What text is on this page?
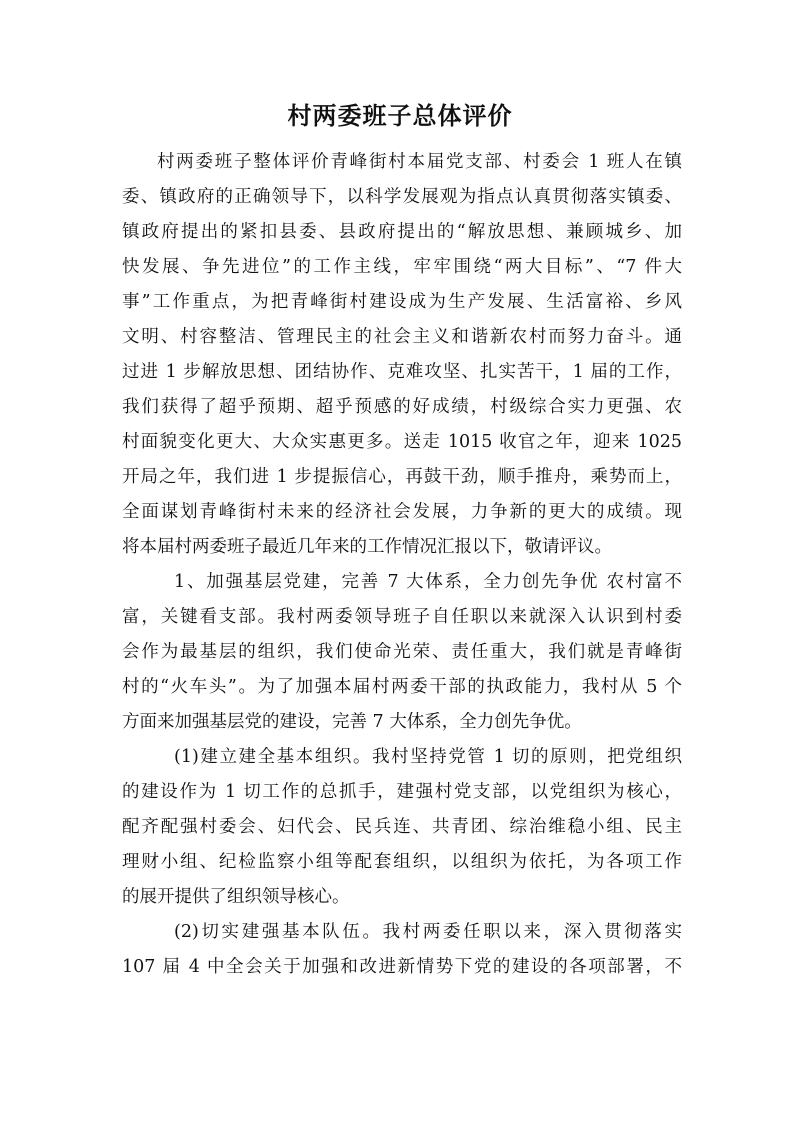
村两委班子总体评价
村两委班子整体评价青峰街村本届党支部、村委会 1 班人在镇
委、镇政府的正确领导下，以科学发展观为指点认真贯彻落实镇委、
镇政府提出的紧扣县委、县政府提出的“解放思想、兼顾城乡、加
快发展、争先进位”的工作主线，牢牢围绕“两大目标”、“7 件大
事”工作重点，为把青峰街村建设成为生产发展、生活富裕、乡风
文明、村容整洁、管理民主的社会主义和谐新农村而努力奋斗。通
过进 1 步解放思想、团结协作、克难攻坚、扎实苦干，1 届的工作，
我们获得了超乎预期、超乎预感的好成绩，村级综合实力更强、农
村面貌变化更大、大众实惠更多。送走 1015 收官之年，迎来 1025
开局之年，我们进 1 步提振信心，再鼓干劲，顺手推舟，乘势而上，
全面谋划青峰街村未来的经济社会发展，力争新的更大的成绩。现
将本届村两委班子最近几年来的工作情况汇报以下，敬请评议。
1、加强基层党建，完善 7 大体系，全力创先争优 农村富不
富，关键看支部。我村两委领导班子自任职以来就深入认识到村委
会作为最基层的组织，我们使命光荣、责任重大，我们就是青峰街
村的“火车头”。为了加强本届村两委干部的执政能力，我村从 5 个
方面来加强基层党的建设，完善 7 大体系，全力创先争优。
(1)建立建全基本组织。我村坚持党管 1 切的原则，把党组织
的建设作为 1 切工作的总抓手，建强村党支部，以党组织为核心，
配齐配强村委会、妇代会、民兵连、共青团、综治维稳小组、民主
理财小组、纪检监察小组等配套组织，以组织为依托，为各项工作
的展开提供了组织领导核心。
(2)切实建强基本队伍。我村两委任职以来，深入贯彻落实
107 届 4 中全会关于加强和改进新情势下党的建设的各项部署，不
